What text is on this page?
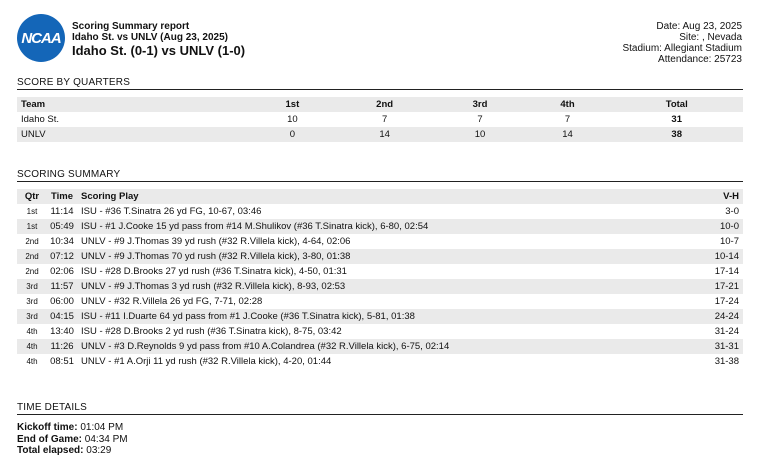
NCAA
Scoring Summary report
Idaho St. vs UNLV (Aug 23, 2025)
Idaho St. (0-1) vs UNLV (1-0)
Date: Aug 23, 2025
Site: , Nevada
Stadium: Allegiant Stadium
Attendance: 25723
SCORE BY QUARTERS
Team	1st	2nd	3rd	4th	Total
Idaho St.	10	7	7	7	31
UNLV	0	14	10	14	38
SCORING SUMMARY
Qtr	Time	Scoring Play	V-H
1st	11:14	ISU - #36 T.Sinatra 26 yd FG, 10-67, 03:46	3-0
1st	05:49	ISU - #1 J.Cooke 15 yd pass from #14 M.Shulikov (#36 T.Sinatra kick), 6-80, 02:54	10-0
2nd	10:34	UNLV - #9 J.Thomas 39 yd rush (#32 R.Villela kick), 4-64, 02:06	10-7
2nd	07:12	UNLV - #9 J.Thomas 70 yd rush (#32 R.Villela kick), 3-80, 01:38	10-14
2nd	02:06	ISU - #28 D.Brooks 27 yd rush (#36 T.Sinatra kick), 4-50, 01:31	17-14
3rd	11:57	UNLV - #9 J.Thomas 3 yd rush (#32 R.Villela kick), 8-93, 02:53	17-21
3rd	06:00	UNLV - #32 R.Villela 26 yd FG, 7-71, 02:28	17-24
3rd	04:15	ISU - #11 I.Duarte 64 yd pass from #1 J.Cooke (#36 T.Sinatra kick), 5-81, 01:38	24-24
4th	13:40	ISU - #28 D.Brooks 2 yd rush (#36 T.Sinatra kick), 8-75, 03:42	31-24
4th	11:26	UNLV - #3 D.Reynolds 9 yd pass from #10 A.Colandrea (#32 R.Villela kick), 6-75, 02:14	31-31
4th	08:51	UNLV - #1 A.Orji 11 yd rush (#32 R.Villela kick), 4-20, 01:44	31-38
TIME DETAILS
Kickoff time: 01:04 PM
End of Game: 04:34 PM
Total elapsed: 03:29
